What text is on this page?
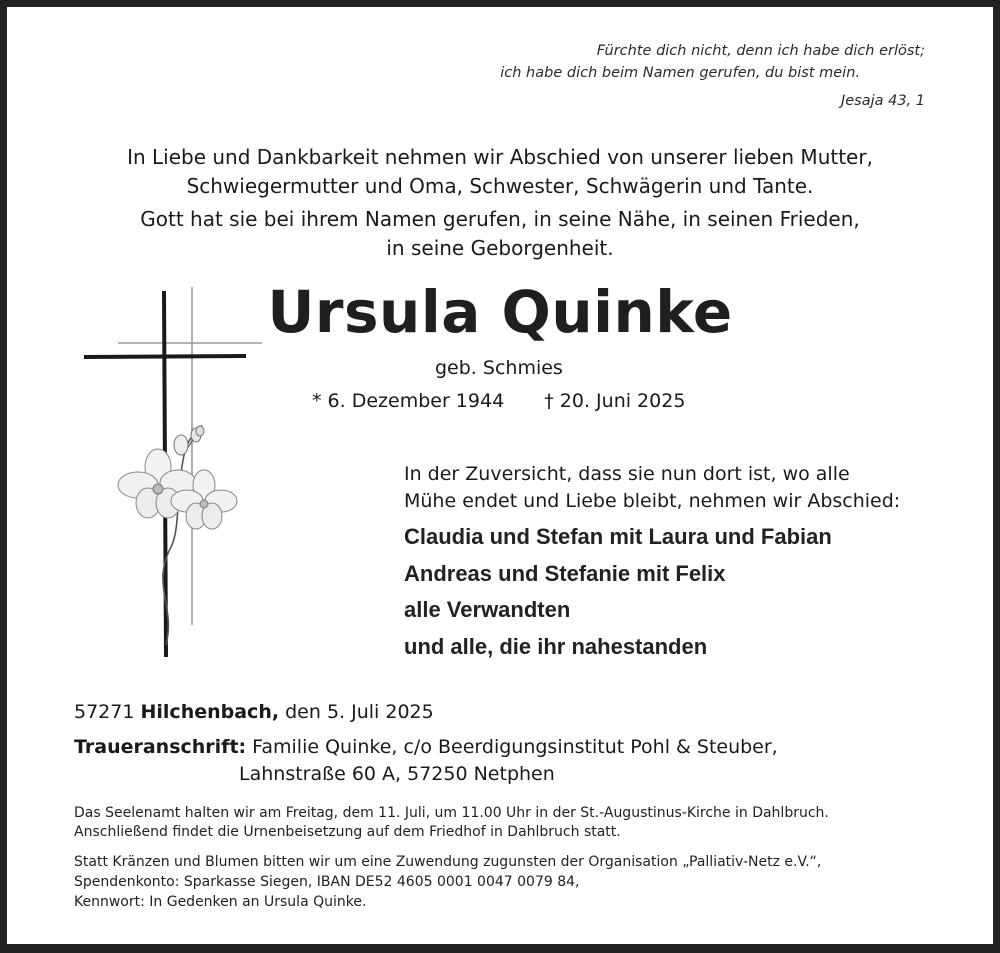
Fürchte dich nicht, denn ich habe dich erlöst;
ich habe dich beim Namen gerufen, du bist mein.
Jesaja 43, 1
In Liebe und Dankbarkeit nehmen wir Abschied von unserer lieben Mutter,
Schwiegermutter und Oma, Schwester, Schwägerin und Tante.
Gott hat sie bei ihrem Namen gerufen, in seine Nähe, in seinen Frieden,
in seine Geborgenheit.
Ursula Quinke
geb. Schmies
* 6. Dezember 1944 † 20. Juni 2025
In der Zuversicht, dass sie nun dort ist, wo alle
Mühe endet und Liebe bleibt, nehmen wir Abschied:
Claudia und Stefan mit Laura und Fabian
Andreas und Stefanie mit Felix
alle Verwandten
und alle, die ihr nahestanden
57271 Hilchenbach, den 5. Juli 2025
Traueranschrift: Familie Quinke, c/o Beerdigungsinstitut Pohl & Steuber,
Lahnstraße 60 A, 57250 Netphen
Das Seelenamt halten wir am Freitag, dem 11. Juli, um 11.00 Uhr in der St.-Augustinus-Kirche in Dahlbruch.
Anschließend findet die Urnenbeisetzung auf dem Friedhof in Dahlbruch statt.
Statt Kränzen und Blumen bitten wir um eine Zuwendung zugunsten der Organisation „Palliativ-Netz e.V.“,
Spendenkonto: Sparkasse Siegen, IBAN DE52 4605 0001 0047 0079 84,
Kennwort: In Gedenken an Ursula Quinke.
